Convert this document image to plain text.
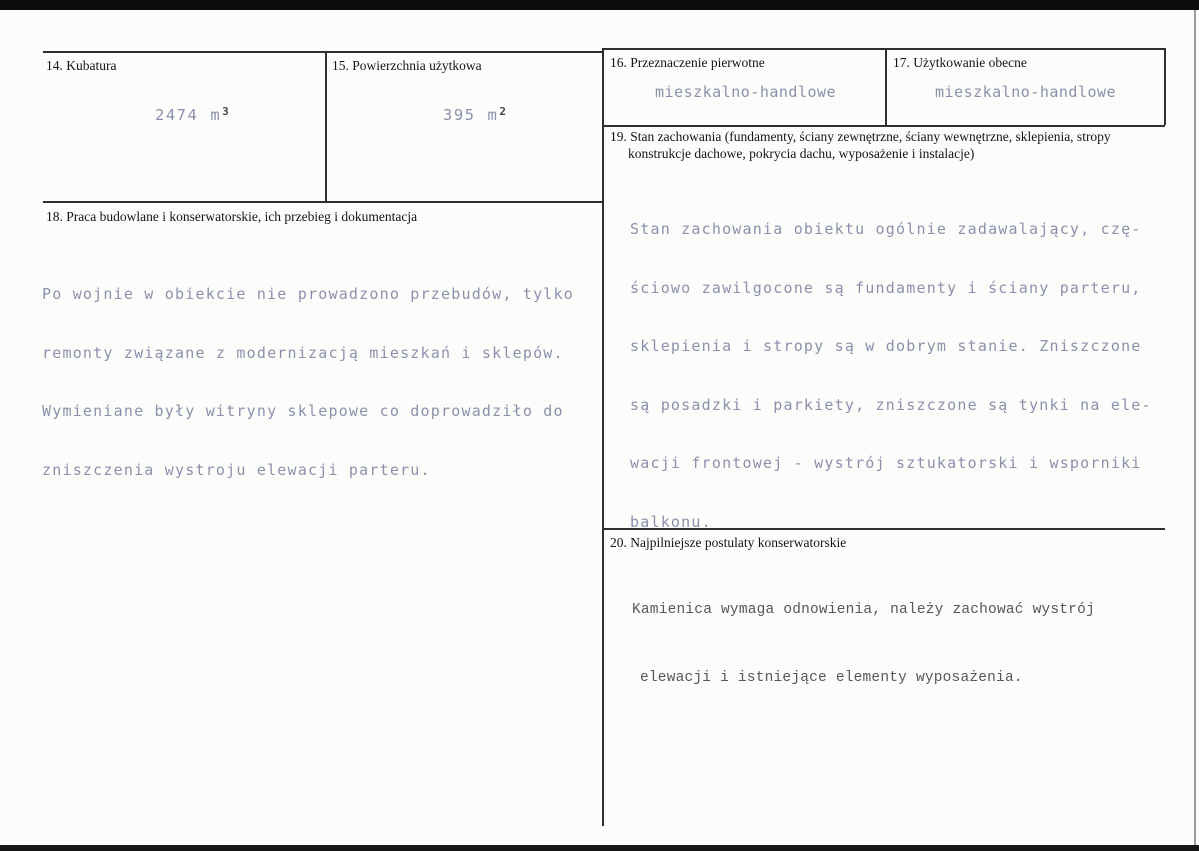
14. Kubatura
2474 $m^3$
15. Powierzchnia użytkowa
395 $m^2$
16. Przeznaczenie pierwotne
mieszkalno-handlowe
17. Użytkowanie obecne
mieszkalno-handlowe
19. Stan zachowania (fundamenty, ściany zewnętrzne, ściany wewnętrzne, sklepienia, stropy
konstrukcje dachowe, pokrycia dachu, wyposażenie i instalacje)

Stan zachowania obiektu ogólnie zadawalający, czę-

ściowo zawilgocone są fundamenty i ściany parteru,

sklepienia i stropy są w dobrym stanie. Zniszczone

są posadzki i parkiety, zniszczone są tynki na ele-

wacji frontowej - wystrój sztukatorski i wsporniki

balkonu.

18. Praca budowlane i konserwatorskie, ich przebieg i dokumentacja

Po wojnie w obiekcie nie prowadzono przebudów, tylko

remonty związane z modernizacją mieszkań i sklepów.

Wymieniane były witryny sklepowe co doprowadziło do

zniszczenia wystroju elewacji parteru.

20. Najpilniejsze postulaty konserwatorskie

Kamienica wymaga odnowienia, należy zachować wystrój

elewacji i istniejące elementy wyposażenia.
